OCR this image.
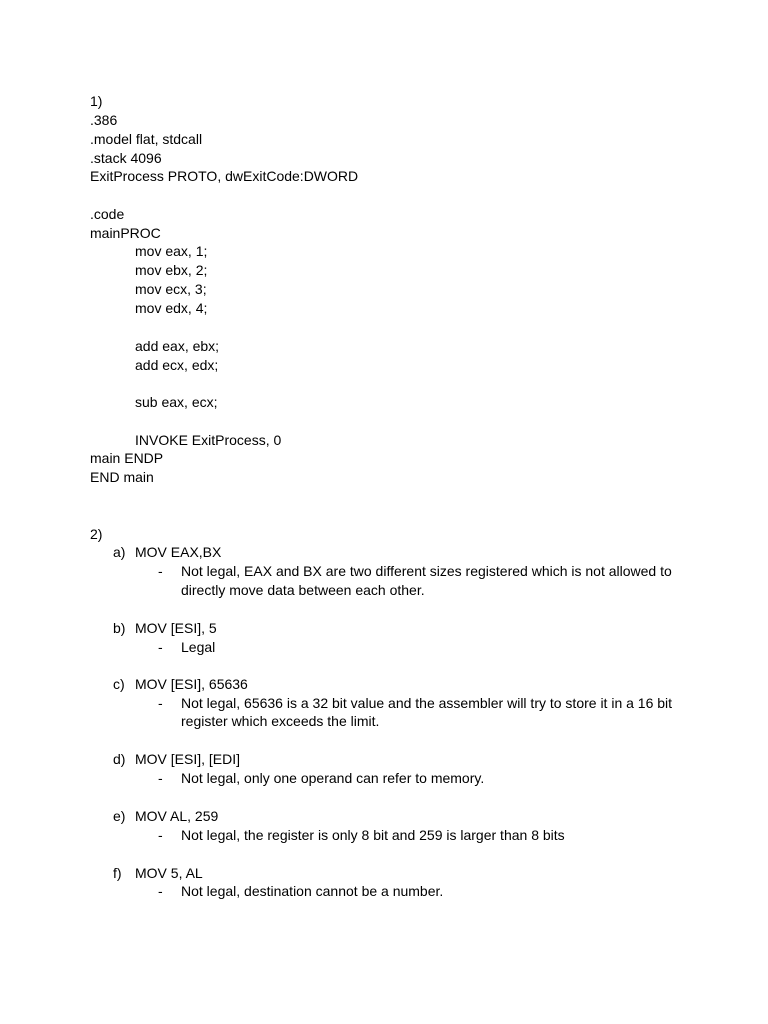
1)
.386
.model flat, stdcall
.stack 4096
ExitProcess PROTO, dwExitCode:DWORD
.code
mainPROC
mov eax, 1;
mov ebx, 2;
mov ecx, 3;
mov edx, 4;
add eax, ebx;
add ecx, edx;
sub eax, ecx;
INVOKE ExitProcess, 0
main ENDP
END main
2)
a) MOV EAX,BX
- Not legal, EAX and BX are two different sizes registered which is not allowed to
directly move data between each other.
b) MOV [ESI], 5
- Legal
c) MOV [ESI], 65636
- Not legal, 65636 is a 32 bit value and the assembler will try to store it in a 16 bit
register which exceeds the limit.
d) MOV [ESI], [EDI]
- Not legal, only one operand can refer to memory.
e) MOV AL, 259
- Not legal, the register is only 8 bit and 259 is larger than 8 bits
f) MOV 5, AL
- Not legal, destination cannot be a number.
